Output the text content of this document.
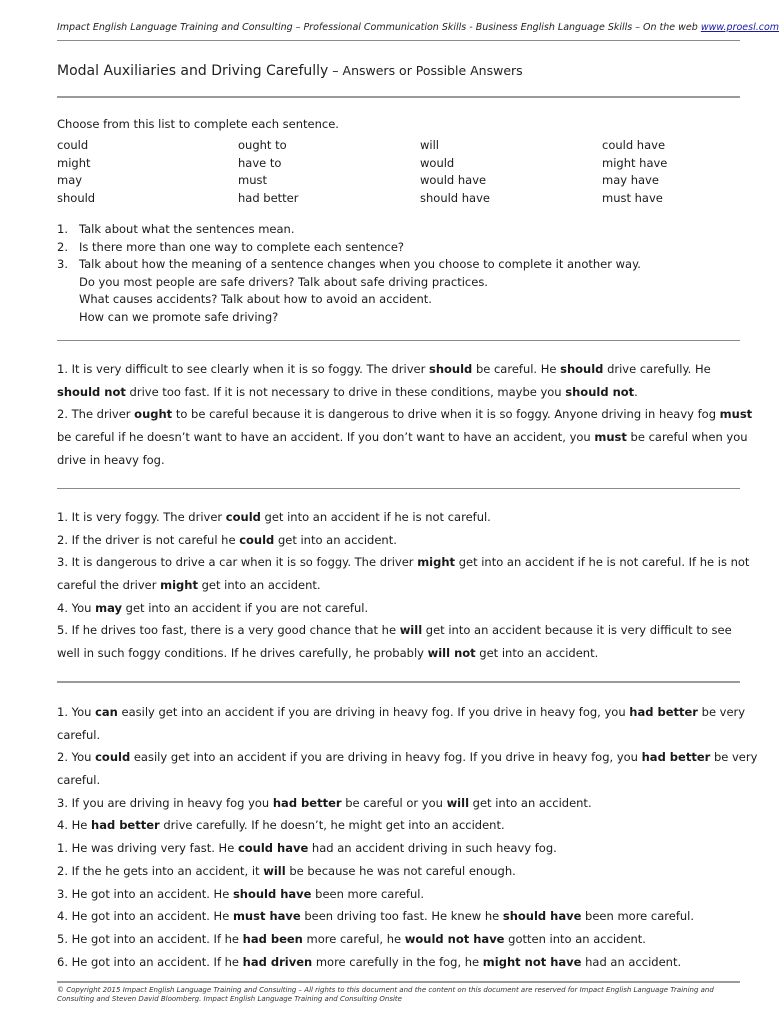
Impact English Language Training and Consulting – Professional Communication Skills - Business English Language Skills – On the web www.proesl.com
Modal Auxiliaries and Driving Carefully – Answers or Possible Answers
Choose from this list to complete each sentence.
could	ought to	will	could have
might	have to	would	might have
may	must	would have	may have
should	had better	should have	must have
1. Talk about what the sentences mean.
2. Is there more than one way to complete each sentence?
3. Talk about how the meaning of a sentence changes when you choose to complete it another way.
Do you most people are safe drivers? Talk about safe driving practices.
What causes accidents? Talk about how to avoid an accident.
How can we promote safe driving?
1. It is very difficult to see clearly when it is so foggy. The driver should be careful. He should drive carefully. He
should not drive too fast. If it is not necessary to drive in these conditions, maybe you should not.
2. The driver ought to be careful because it is dangerous to drive when it is so foggy. Anyone driving in heavy fog must
be careful if he doesn’t want to have an accident. If you don’t want to have an accident, you must be careful when you
drive in heavy fog.
1. It is very foggy. The driver could get into an accident if he is not careful.
2. If the driver is not careful he could get into an accident.
3. It is dangerous to drive a car when it is so foggy. The driver might get into an accident if he is not careful. If he is not
careful the driver might get into an accident.
4. You may get into an accident if you are not careful.
5. If he drives too fast, there is a very good chance that he will get into an accident because it is very difficult to see
well in such foggy conditions. If he drives carefully, he probably will not get into an accident.
1. You can easily get into an accident if you are driving in heavy fog. If you drive in heavy fog, you had better be very
careful.
2. You could easily get into an accident if you are driving in heavy fog. If you drive in heavy fog, you had better be very
careful.
3. If you are driving in heavy fog you had better be careful or you will get into an accident.
4. He had better drive carefully. If he doesn’t, he might get into an accident.
1. He was driving very fast. He could have had an accident driving in such heavy fog.
2. If the he gets into an accident, it will be because he was not careful enough.
3. He got into an accident. He should have been more careful.
4. He got into an accident. He must have been driving too fast. He knew he should have been more careful.
5. He got into an accident. If he had been more careful, he would not have gotten into an accident.
6. He got into an accident. If he had driven more carefully in the fog, he might not have had an accident.
© Copyright 2015 Impact English Language Training and Consulting – All rights to this document and the content on this document are reserved for Impact English Language Training and Consulting and Steven David Bloomberg. Impact English Language Training and Consulting Onsite
